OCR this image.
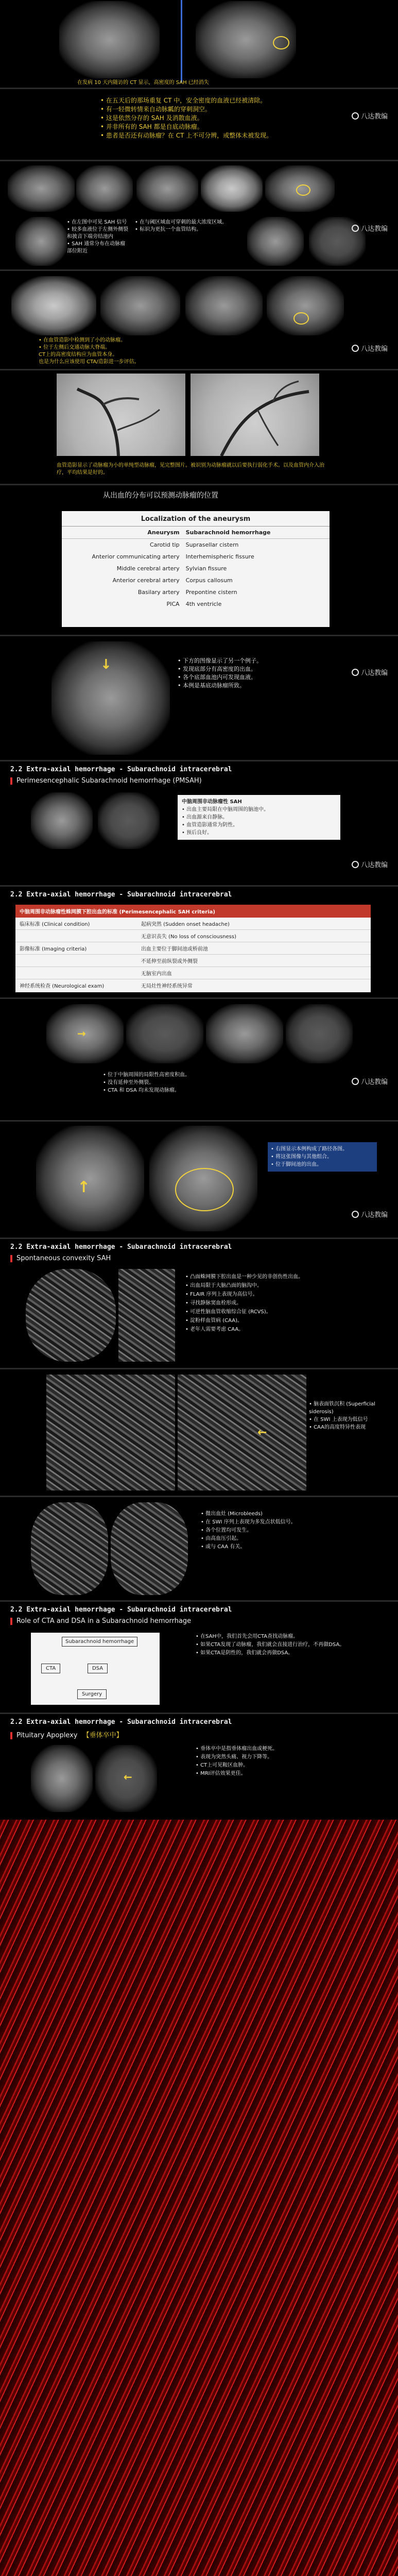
在发病 10 天内随访的 CT 显示，高密度的 SAH 已经消失
• 在五天后的那场重复 CT 中，安全密度的血液已经被清除。
• 有一轻微转情来自动脉瓤的穿刺洞空。
• 这是依然分存的 SAH 及消散血液。
• 并非所有的 SAH 都是自底动脉瘤。
• 患者是否还有动脉瘤？在 CT 上不可分辨，或整体未被发现。
八达教编
• 在左图中可见 SAH 信号
• 较多血液位于左侧外侧裂和披音下端旁结池内
• SAH 通常分布在动脉瘤部位附近
• 在与阈区域血可穿刺的最大浓度区域。
• 标识为更抗一个血管结构。	八达教编
• 在血管造影中检测到了小的动脉瘤。
• 位于左侧后交通动脉大脊端。
CT上的高密度结构应为血管本身。
也是为什么应该使用 CTA/造影进一步评估。
八达教编
血管造影显示了动脉瘤为小的单纯型动脉瘤，见完整图片。被识别为动脉瘤就以后要执行弱化手术。以及血管内介入治疗，平均结果是好的。
从出血的分布可以预测动脉瘤的位置
Localization of the aneurysm
Aneurysm	Subarachnoid hemorrhage
Carotid tip	Suprasellar cistern
Anterior communicating artery	Interhemispheric fissure
Middle cerebral artery	Sylvian fissure
Anterior cerebral artery	Corpus callosum
Basilary artery	Prepontine cistern
PICA	4th ventricle
↓	• 下方的图像显示了另一个例子。
• 发现底部分有高密度的出血。
• 各个底部血池内可发现血液。
• 本例是基底动脉瘤所致。
八达教编
2.2 Extra-axial hemorrhage - Subarachnoid intracerebral
Perimesencephalic Subarachnoid hemorrhage (PMSAH)
中脑周围非动脉瘤性 SAH
• 出血主要局限在中脑周围的脑池中。
• 出血源来自静脉。
• 血管造影通常为阴性。
• 预后良好。
八达教编
2.2 Extra-axial hemorrhage - Subarachnoid intracerebral
中脑周围非动脉瘤性蛛网膜下腔出血的标准 (Perimesencephalic SAH criteria)
临床标准 (Clinical condition)	起病突然 (Sudden onset headache)
无意识丧失 (No loss of consciousness)
影像标准 (Imaging criteria)	出血主要位于脚间池或桥前池
不延伸至前纵裂或外侧裂
无脑室内出血
神经系统检查 (Neurological exam)	无局灶性神经系统异常
→
• 位于中脑周围的局限性高密度积血。
• 没有延伸至外侧裂。
• CTA 和 DSA 均未发现动脉瘤。
八达教编
↑
• 右图显示本例构成了路径各图。
• 将这张图像与其他组合。
• 位于脚间池的出血。
八达教编
2.2 Extra-axial hemorrhage - Subarachnoid intracerebral
Spontaneous convexity SAH
• 凸面蛛网膜下腔出血是一种少见的非创伤性出血。
• 出血局限于大脑凸面的脑沟中。
• FLAIR 序列上表现为高信号。
• 寻找静脉窦血栓形成。
• 可逆性脑血管收缩综合征 (RCVS)。
• 淀粉样血管病 (CAA)。
• 老年人需要考虑 CAA。
←
• 脑表面铁沉积 (Superficial siderosis)
• 在 SWI 上表现为低信号
• CAA的高度特异性表现
• 微出血灶 (Microbleeds)
• 在 SWI 序列上表现为多发点状低信号。
• 各个位置均可发生。
• 由高血压引起。
• 或与 CAA 有关。
2.2 Extra-axial hemorrhage - Subarachnoid intracerebral
Role of CTA and DSA in a Subarachnoid hemorrhage
Subarachnoid hemorrhage
CTA	DSA
Surgery
• 在SAH中，我们首先会用CTA查找动脉瘤。
• 如果CTA发现了动脉瘤，我们就会直接进行治疗，不再做DSA。
• 如果CTA是阴性的，我们就会再做DSA。
2.2 Extra-axial hemorrhage - Subarachnoid intracerebral
Pituitary Apoplexy 【垂体卒中】
←
• 垂体卒中是指垂体瘤出血或梗死。
• 表现为突然头痛、视力下降等。
• CT上可见鞍区血肿。
• MRI评估效果更佳。
